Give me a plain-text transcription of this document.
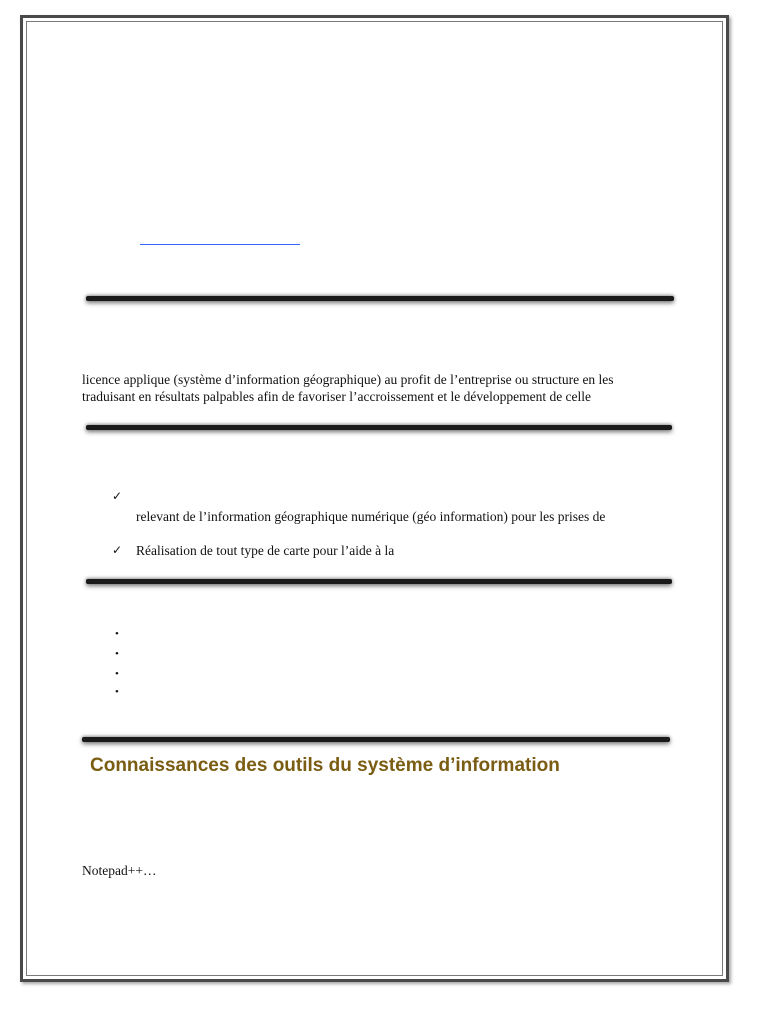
licence applique (système d’information géographique) au profit de l’entreprise ou structure en les
traduisant en résultats palpables afin de favoriser l’accroissement et le développement de celle
✓
relevant de l’information géographique numérique (géo information) pour les prises de
✓ Réalisation de tout type de carte pour l’aide à la
•
•
•
•
Connaissances des outils du système d’information
Notepad++…
